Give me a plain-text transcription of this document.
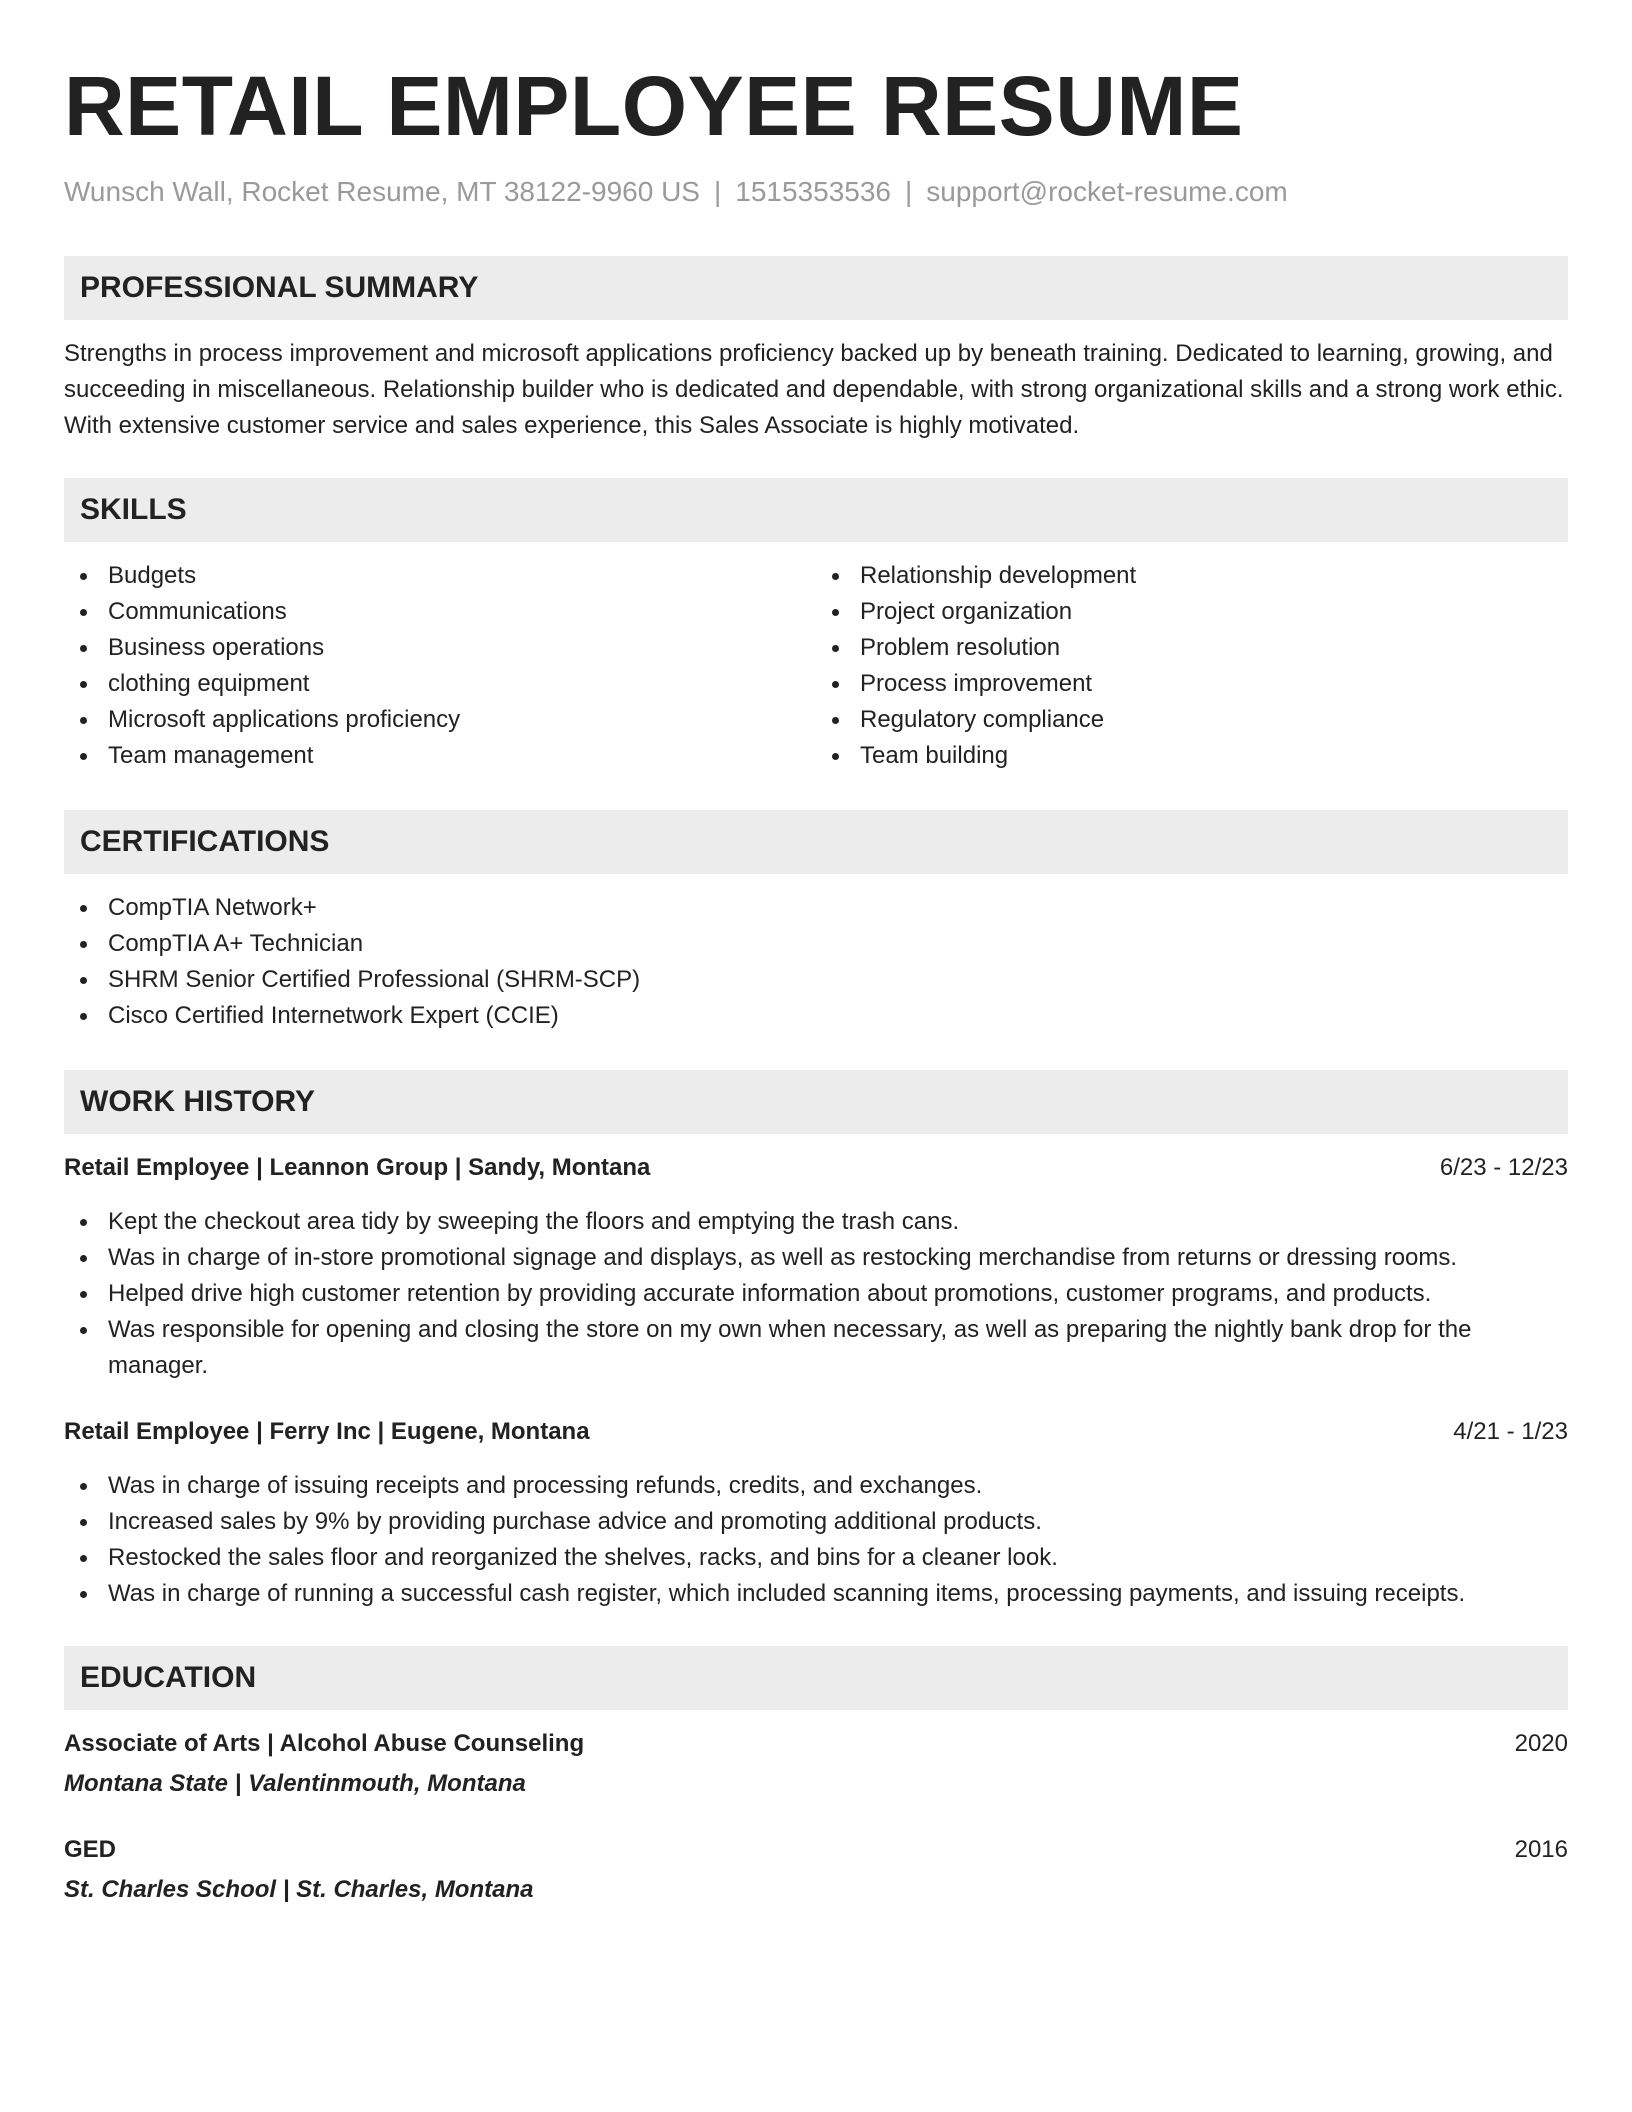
RETAIL EMPLOYEE RESUME
Wunsch Wall, Rocket Resume, MT 38122-9960 US | 1515353536 | support@rocket-resume.com
PROFESSIONAL SUMMARY

Strengths in process improvement and microsoft applications proficiency backed up by beneath training. Dedicated to learning, growing, and succeeding in miscellaneous. Relationship builder who is dedicated and dependable, with strong organizational skills and a strong work ethic. With extensive customer service and sales experience, this Sales Associate is highly motivated.

SKILLS
Budgets
Communications
Business operations
clothing equipment
Microsoft applications proficiency
Team management
Relationship development
Project organization
Problem resolution
Process improvement
Regulatory compliance
Team building
CERTIFICATIONS
CompTIA Network+
CompTIA A+ Technician
SHRM Senior Certified Professional (SHRM-SCP)
Cisco Certified Internetwork Expert (CCIE)
WORK HISTORY
Retail Employee | Leannon Group | Sandy, Montana	6/23 - 12/23
Kept the checkout area tidy by sweeping the floors and emptying the trash cans.
Was in charge of in-store promotional signage and displays, as well as restocking merchandise from returns or dressing rooms.
Helped drive high customer retention by providing accurate information about promotions, customer programs, and products.
Was responsible for opening and closing the store on my own when necessary, as well as preparing the nightly bank drop for the manager.
Retail Employee | Ferry Inc | Eugene, Montana	4/21 - 1/23
Was in charge of issuing receipts and processing refunds, credits, and exchanges.
Increased sales by 9% by providing purchase advice and promoting additional products.
Restocked the sales floor and reorganized the shelves, racks, and bins for a cleaner look.
Was in charge of running a successful cash register, which included scanning items, processing payments, and issuing receipts.
EDUCATION
Associate of Arts | Alcohol Abuse Counseling	2020
Montana State | Valentinmouth, Montana
GED	2016
St. Charles School | St. Charles, Montana
